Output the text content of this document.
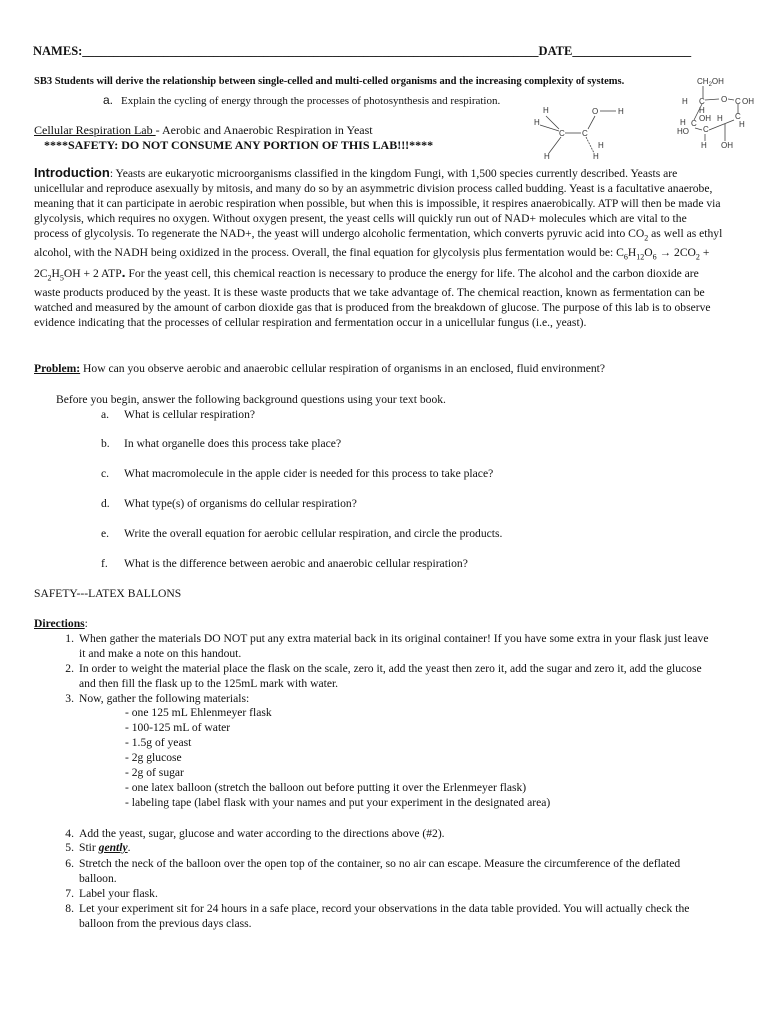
NAMES:_________________________________________________________________________DATE___________________
SB3 Students will derive the relationship between single-celled and multi-celled organisms and the increasing complexity of systems.
a. Explain the cycling of energy through the processes of photosynthesis and respiration.
H	O H
H
C C
H
H	H
$CH_2OH$
H C O C OH
H
OH H
H C
C
H
HO C
H OH
Cellular Respiration Lab - Aerobic and Anaerobic Respiration in Yeast
****SAFETY: DO NOT CONSUME ANY PORTION OF THIS LAB!!!****
Introduction: Yeasts are eukaryotic microorganisms classified in the kingdom Fungi, with 1,500 species currently described. Yeasts are unicellular and reproduce asexually by mitosis, and many do so by an asymmetric division process called budding. Yeast is a facultative anaerobe, meaning that it can participate in aerobic respiration when possible, but when this is impossible, it respires anaerobically. ATP will then be made via glycolysis, which requires no oxygen. Without oxygen present, the yeast cells will quickly run out of NAD+ molecules which are vital to the process of glycolysis. To regenerate the NAD+, the yeast will undergo alcoholic fermentation, which converts pyruvic acid into $CO_2$ as well as ethyl alcohol, with the NADH being oxidized in the process. Overall, the final equation for glycolysis plus fermentation would be: $C_6H_{12}O_6 \to 2CO_2 + 2C_2H_5OH + 2$ ATP. For the yeast cell, this chemical reaction is necessary to produce the energy for life. The alcohol and the carbon dioxide are waste products produced by the yeast. It is these waste products that we take advantage of. The chemical reaction, known as fermentation can be watched and measured by the amount of carbon dioxide gas that is produced from the breakdown of glucose. The purpose of this lab is to observe evidence indicating that the processes of cellular respiration and fermentation occur in a unicellular fungus (i.e., yeast).
Problem: How can you observe aerobic and anaerobic cellular respiration of organisms in an enclosed, fluid environment?
Before you begin, answer the following background questions using your text book.
a. What is cellular respiration?
b. In what organelle does this process take place?
c. What macromolecule in the apple cider is needed for this process to take place?
d. What type(s) of organisms do cellular respiration?
e. Write the overall equation for aerobic cellular respiration, and circle the products.
f. What is the difference between aerobic and anaerobic cellular respiration?
SAFETY---LATEX BALLONS
Directions:
1. When gather the materials DO NOT put any extra material back in its original container! If you have some extra in your flask just leave it and make a note on this handout.
2. In order to weight the material place the flask on the scale, zero it, add the yeast then zero it, add the sugar and zero it, add the glucose and then fill the flask up to the 125mL mark with water.
3. Now, gather the following materials:
- one 125 mL Ehlenmeyer flask
- 100-125 mL of water
- 1.5g of yeast
- 2g glucose
- 2g of sugar
- one latex balloon (stretch the balloon out before putting it over the Erlenmeyer flask)
- labeling tape (label flask with your names and put your experiment in the designated area)
4. Add the yeast, sugar, glucose and water according to the directions above (#2).
5. Stir gently.
6. Stretch the neck of the balloon over the open top of the container, so no air can escape. Measure the circumference of the deflated balloon.
7. Label your flask.
8. Let your experiment sit for 24 hours in a safe place, record your observations in the data table provided. You will actually check the balloon from the previous days class.
